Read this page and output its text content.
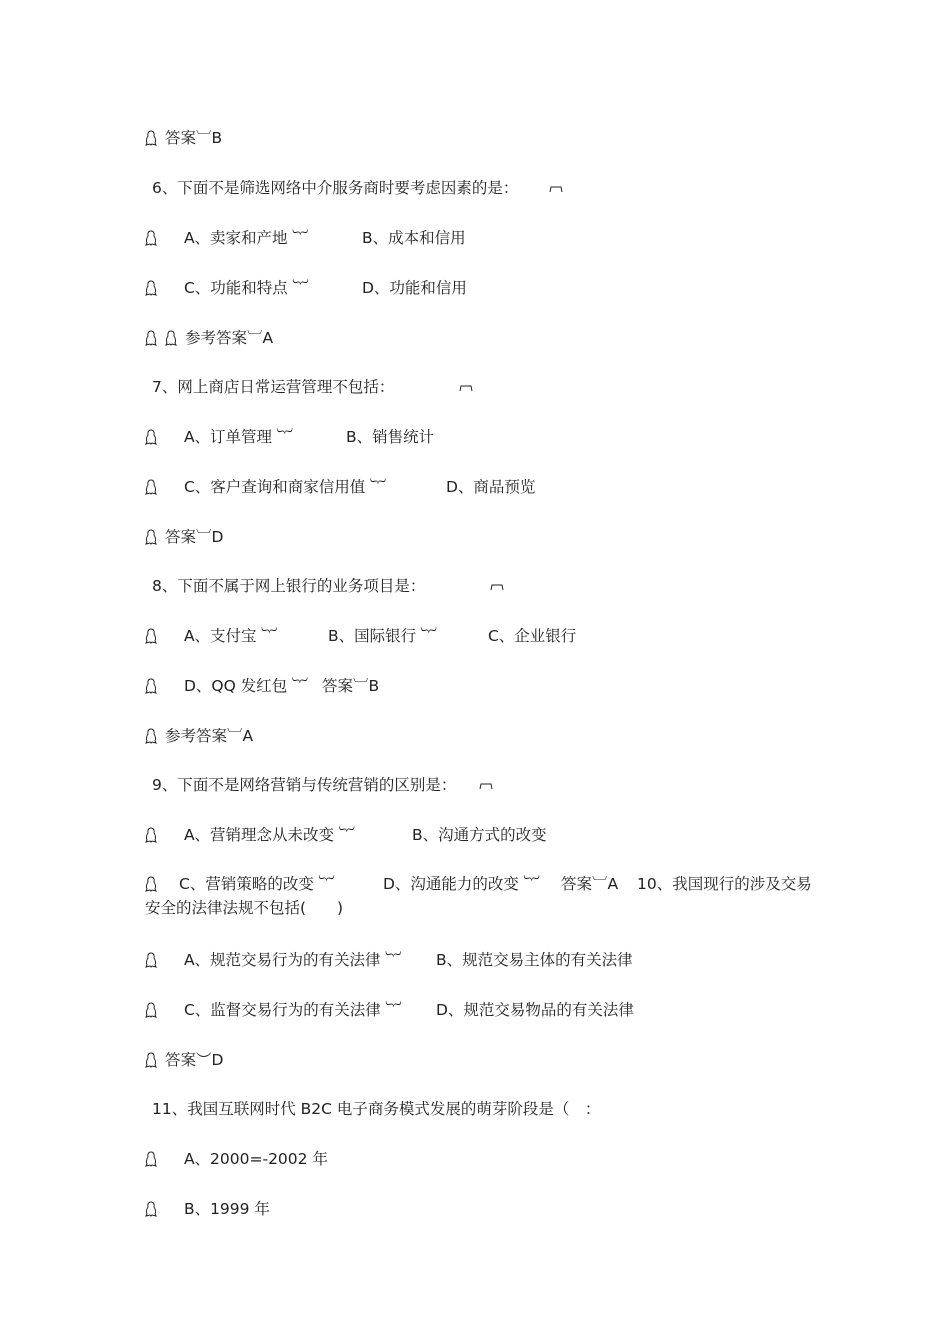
答案︺B
6、下面不是筛选网络中介服务商时要考虑因素的是：
A、卖家和产地 ︸	B、成本和信用
C、功能和特点 ︸	D、功能和信用
参考答案︺A
7、网上商店日常运营管理不包括：
A、订单管理 ︸	B、销售统计
C、客户查询和商家信用值 ︸	D、商品预览
答案︺D
8、下面不属于网上银行的业务项目是：
A、支付宝 ︸	B、国际银行 ︸	C、企业银行
D、QQ 发红包 ︸ 答案︺B
参考答案︺A
9、下面不是网络营销与传统营销的区别是：
A、营销理念从未改变 ︸	B、沟通方式的改变
C、营销策略的改变 ︸	D、沟通能力的改变 ︸ 答案︺A 10、我国现行的涉及交易安全的法律法规不包括(　　)
A、规范交易行为的有关法律 ︸ B、规范交易主体的有关法律
C、监督交易行为的有关法律 ︸ D、规范交易物品的有关法律
答案︶D
11、我国互联网时代 B2C 电子商务模式发展的萌芽阶段是（　：
A、2000=-2002 年
B、1999 年
